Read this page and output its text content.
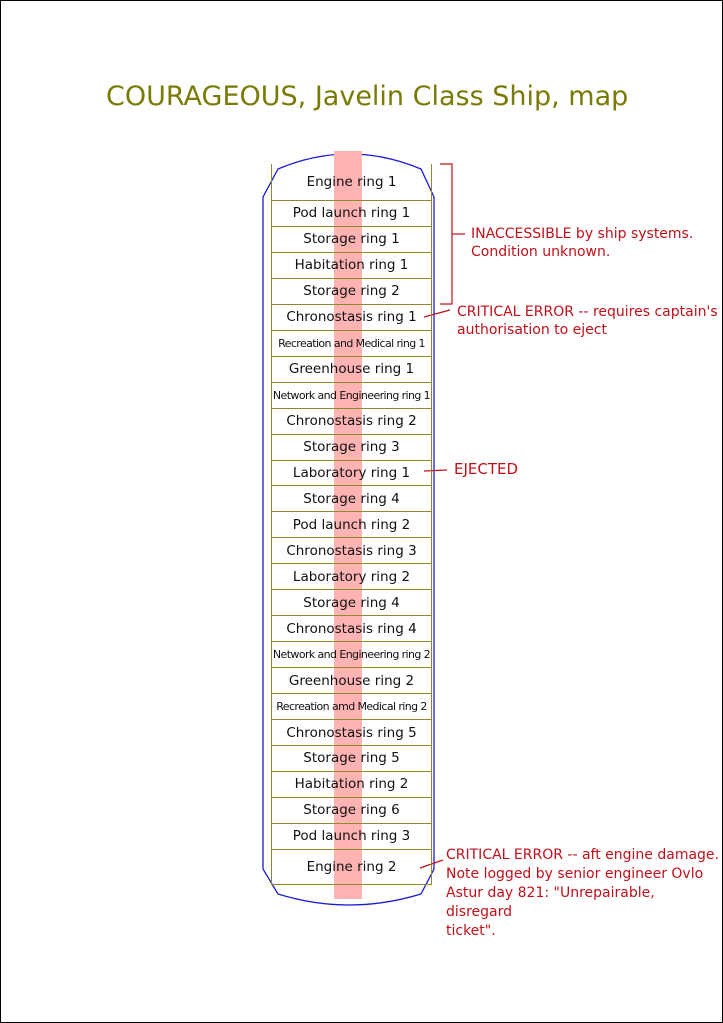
COURAGEOUS, Javelin Class Ship, map
Engine ring 1
Pod launch ring 1
Storage ring 1
Habitation ring 1
Storage ring 2
Chronostasis ring 1
Recreation and Medical ring 1
Greenhouse ring 1
Network and Engineering ring 1
Chronostasis ring 2
Storage ring 3
Laboratory ring 1
Storage ring 4
Pod launch ring 2
Chronostasis ring 3
Laboratory ring 2
Storage ring 4
Chronostasis ring 4
Network and Engineering ring 2
Greenhouse ring 2
Recreation amd Medical ring 2
Chronostasis ring 5
Storage ring 5
Habitation ring 2
Storage ring 6
Pod launch ring 3
Engine ring 2

INACCESSIBLE by ship systems.
Condition unknown.

CRITICAL ERROR -- requires captain's
authorisation to eject

EJECTED

CRITICAL ERROR -- aft engine damage.
Note logged by senior engineer Ovlo
Astur day 821: "Unrepairable, disregard
ticket".
